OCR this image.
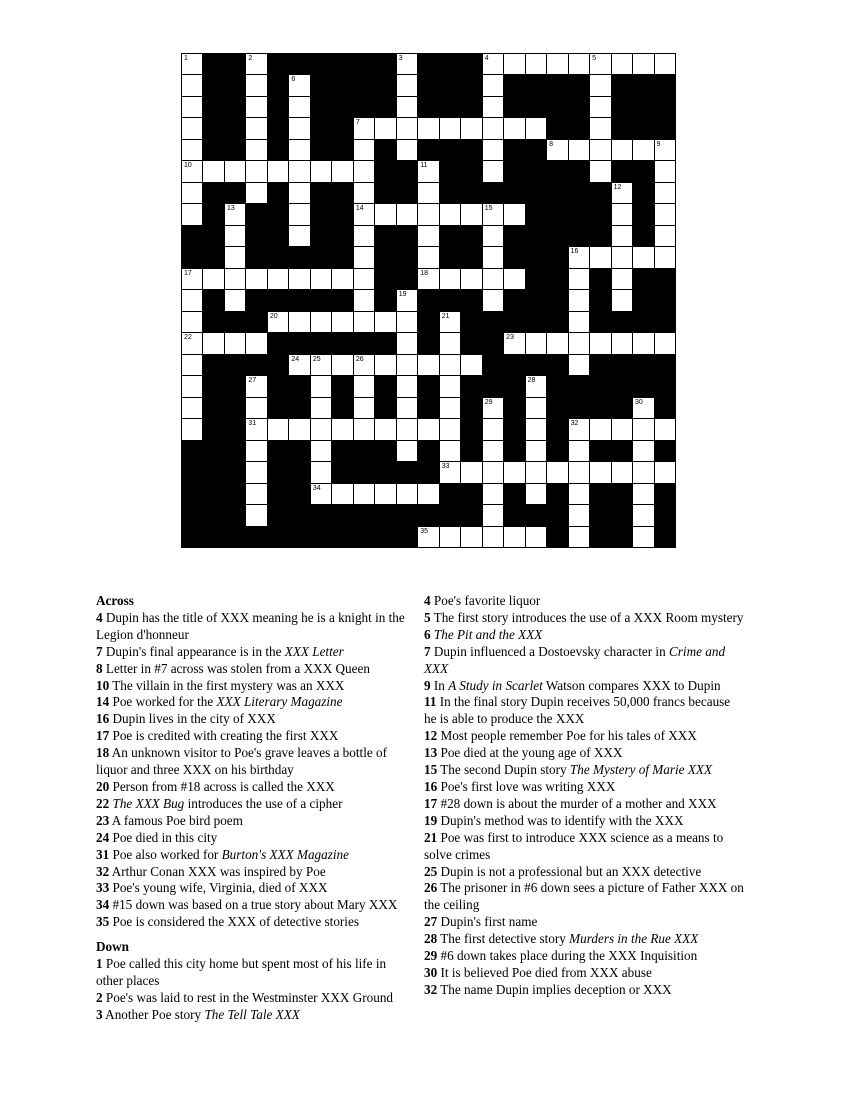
1	2	3	4	5
6
7
8	9
10	11
12
13	14	15
16
17	18
19
20	21
22	23
24 25	26
27	28
29	30
31	32
33
34
35
Across
4 Dupin has the title of XXX meaning he is a knight in the Legion d'honneur
7 Dupin's final appearance is in the XXX Letter
8 Letter in #7 across was stolen from a XXX Queen
10 The villain in the first mystery was an XXX
14 Poe worked for the XXX Literary Magazine
16 Dupin lives in the city of XXX
17 Poe is credited with creating the first XXX
18 An unknown visitor to Poe's grave leaves a bottle of liquor and three XXX on his birthday
20 Person from #18 across is called the XXX
22 The XXX Bug introduces the use of a cipher
23 A famous Poe bird poem
24 Poe died in this city
31 Poe also worked for Burton's XXX Magazine
32 Arthur Conan XXX was inspired by Poe
33 Poe's young wife, Virginia, died of XXX
34 #15 down was based on a true story about Mary XXX
35 Poe is considered the XXX of detective stories
Down
1 Poe called this city home but spent most of his life in other places
2 Poe's was laid to rest in the Westminster XXX Ground
3 Another Poe story The Tell Tale XXX
4 Poe's favorite liquor
5 The first story introduces the use of a XXX Room mystery
6 The Pit and the XXX
7 Dupin influenced a Dostoevsky character in Crime and XXX
9 In A Study in Scarlet Watson compares XXX to Dupin
11 In the final story Dupin receives 50,000 francs because he is able to produce the XXX
12 Most people remember Poe for his tales of XXX
13 Poe died at the young age of XXX
15 The second Dupin story The Mystery of Marie XXX
16 Poe's first love was writing XXX
17 #28 down is about the murder of a mother and XXX
19 Dupin's method was to identify with the XXX
21 Poe was first to introduce XXX science as a means to solve crimes
25 Dupin is not a professional but an XXX detective
26 The prisoner in #6 down sees a picture of Father XXX on the ceiling
27 Dupin's first name
28 The first detective story Murders in the Rue XXX
29 #6 down takes place during the XXX Inquisition
30 It is believed Poe died from XXX abuse
32 The name Dupin implies deception or XXX
